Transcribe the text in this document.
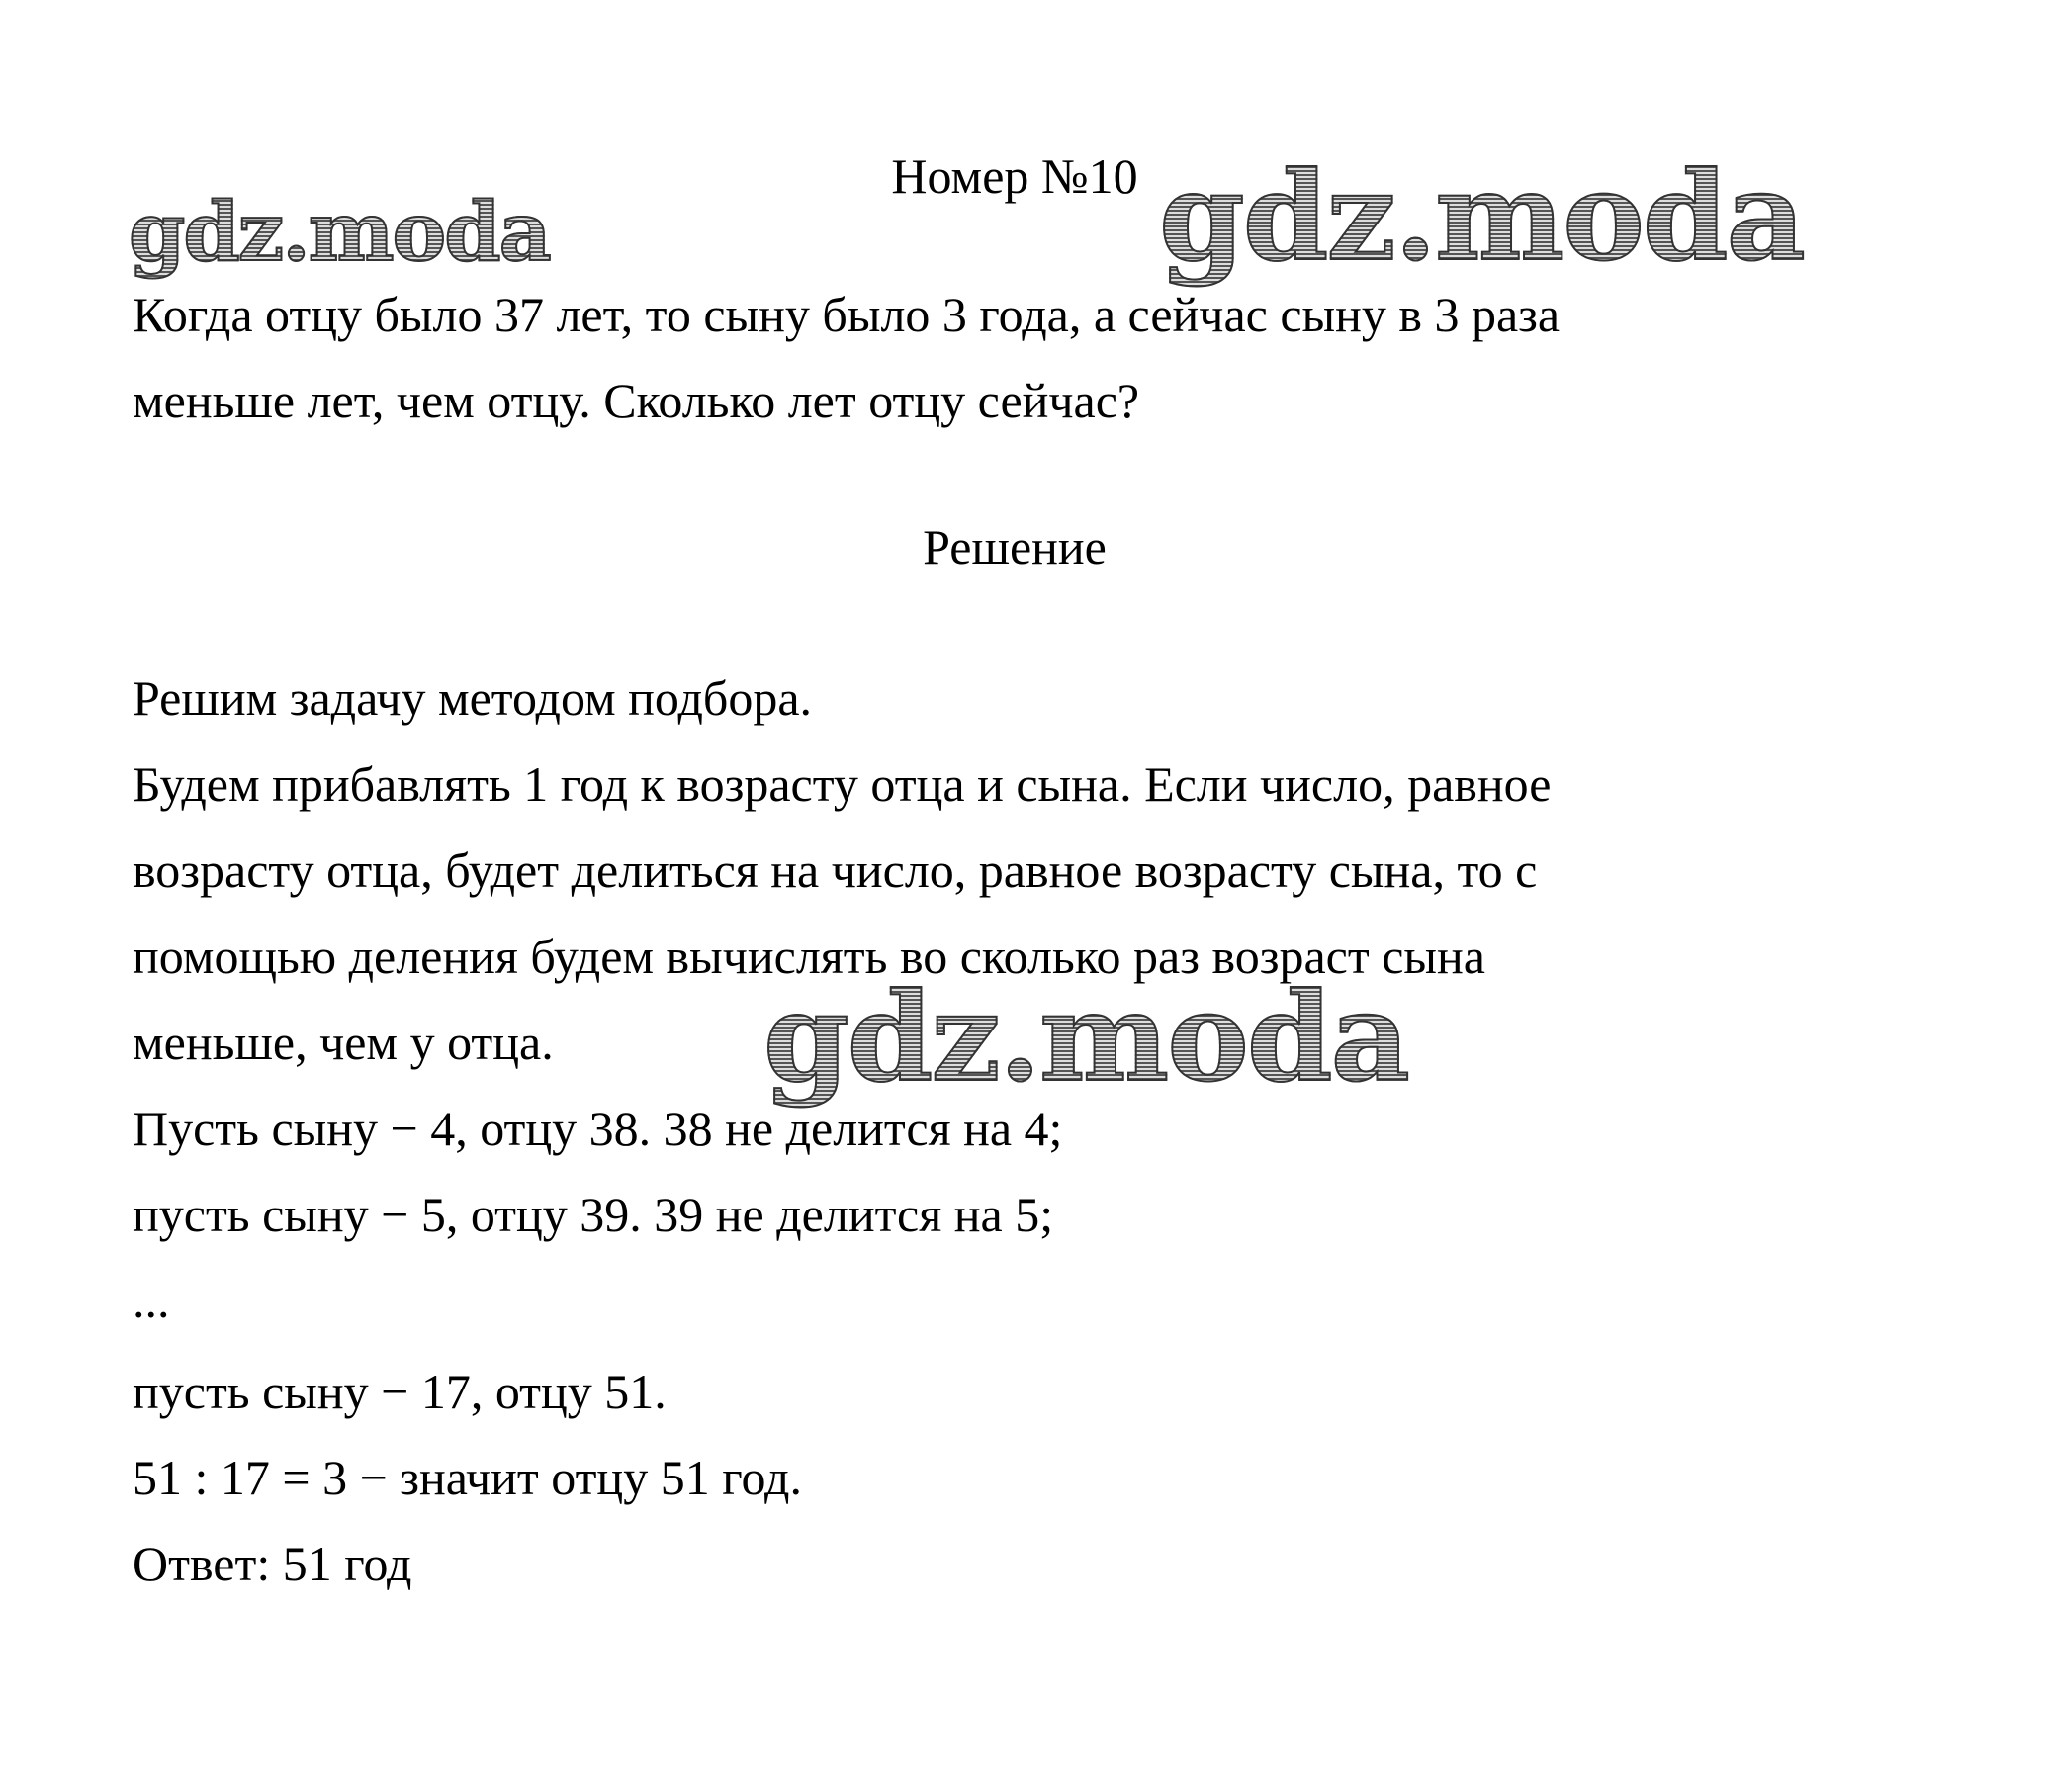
Номер №10
gdz.moda	gdz.moda
gdz.moda
Когда отцу было 37 лет, то сыну было 3 года, а сейчас сыну в 3 раза
меньше лет, чем отцу. Сколько лет отцу сейчас?
Решение
Решим задачу методом подбора.
Будем прибавлять 1 год к возрасту отца и сына. Если число, равное
возрасту отца, будет делиться на число, равное возрасту сына, то с
помощью деления будем вычислять во сколько раз возраст сына
меньше, чем у отца.
Пусть сыну − 4, отцу 38. 38 не делится на 4;
пусть сыну − 5, отцу 39. 39 не делится на 5;
...
пусть сыну − 17, отцу 51.
51 : 17 = 3 − значит отцу 51 год.
Ответ: 51 год
